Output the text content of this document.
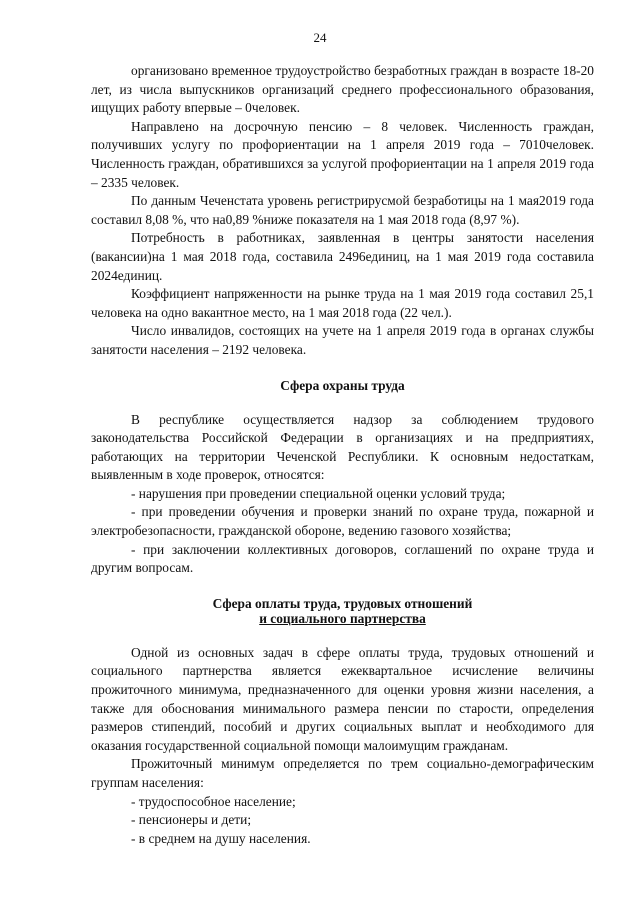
24

организовано временное трудоустройство безработных граждан в возрасте 18-20 лет, из числа выпускников организаций среднего профессионального образования, ищущих работу впервые – 0человек.

Направлено на досрочную пенсию – 8 человек. Численность граждан, получивших услугу по профориентации на 1 апреля 2019 года – 7010человек. Численность граждан, обратившихся за услугой профориентации на 1 апреля 2019 года – 2335 человек.

По данным Чеченстата уровень регистрирусмой безработицы на 1 мая2019 года составил 8,08 %, что на0,89 %ниже показателя на 1 мая 2018 года (8,97 %).

Потребность в работниках, заявленная в центры занятости населения (вакансии)на 1 мая 2018 года, составила 2496единиц, на 1 мая 2019 года составила 2024единиц.

Коэффициент напряженности на рынке труда на 1 мая 2019 года составил 25,1 человека на одно вакантное место, на 1 мая 2018 года (22 чел.).

Число инвалидов, состоящих на учете на 1 апреля 2019 года в органах службы занятости населения – 2192 человека.

Сфера охраны труда

В республике осуществляется надзор за соблюдением трудового законодательства Российской Федерации в организациях и на предприятиях, работающих на территории Чеченской Республики. К основным недостаткам, выявленным в ходе проверок, относятся:

- нарушения при проведении специальной оценки условий труда;

- при проведении обучения и проверки знаний по охране труда, пожарной и электробезопасности, гражданской обороне, ведению газового хозяйства;

- при заключении коллективных договоров, соглашений по охране труда и другим вопросам.

Сфера оплаты труда, трудовых отношений
и социального партнерства

Одной из основных задач в сфере оплаты труда, трудовых отношений и социального партнерства является ежеквартальное исчисление величины прожиточного минимума, предназначенного для оценки уровня жизни населения, а также для обоснования минимального размера пенсии по старости, определения размеров стипендий, пособий и других социальных выплат и необходимого для оказания государственной социальной помощи малоимущим гражданам.

Прожиточный минимум определяется по трем социально-демографическим группам населения:

- трудоспособное население;

- пенсионеры и дети;

- в среднем на душу населения.
